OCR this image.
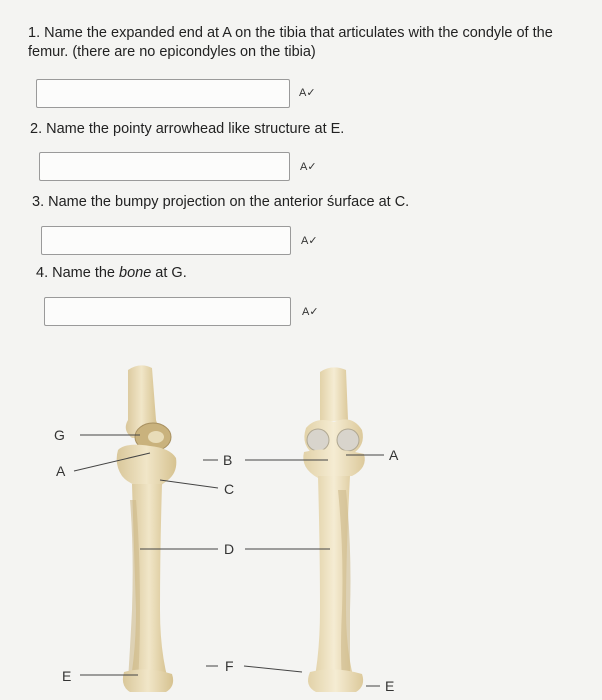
1. Name the expanded end at A on the tibia that articulates with the condyle of the
femur. (there are no epicondyles on the tibia)
A✓
2. Name the pointy arrowhead like structure at E.
A✓
3. Name the bumpy projection on the anterior śurface at C.
A✓
4. Name the bone at G.
A✓
G
A
E
B
C
D
F
A
E
